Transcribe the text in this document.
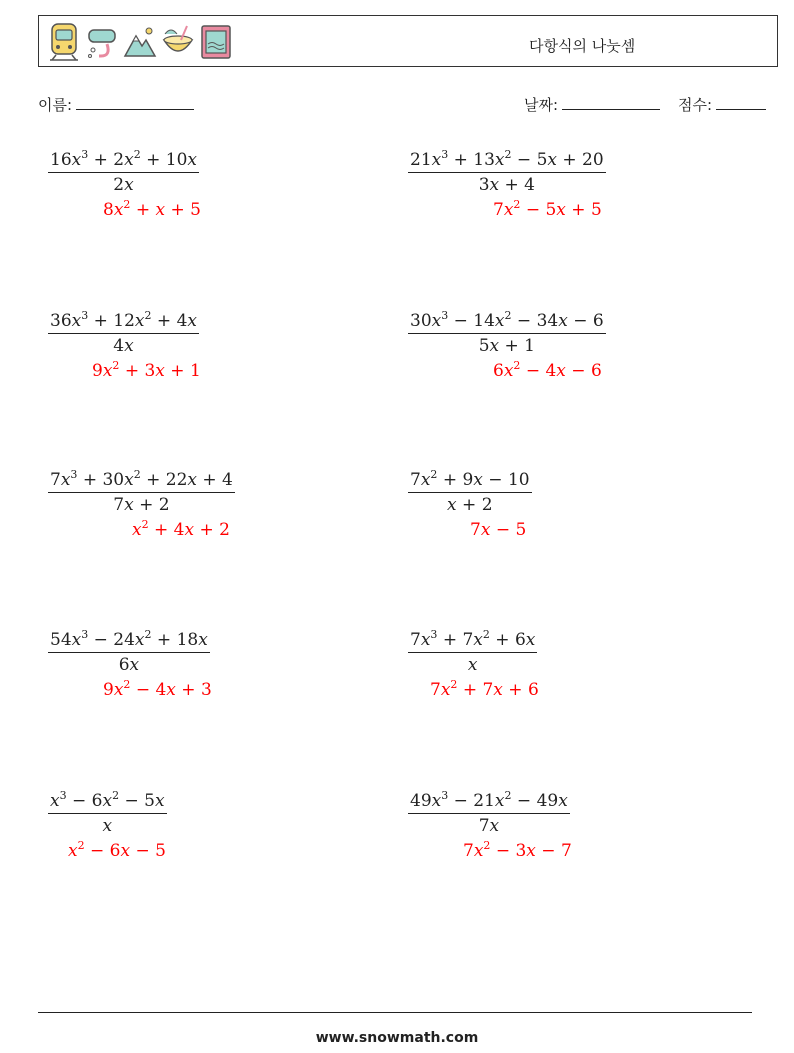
다항식의 나눗셈
이름:	날짜:	점수:
$\frac{16x^3 + 2x^2 + 10x}{2x}$
$8x^2 + x + 5$
$\frac{21x^3 + 13x^2 - 5x + 20}{3x + 4}$
$7x^2 - 5x + 5$
$\frac{36x^3 + 12x^2 + 4x}{4x}$
$9x^2 + 3x + 1$
$\frac{30x^3 - 14x^2 - 34x - 6}{5x + 1}$
$6x^2 - 4x - 6$
$\frac{7x^3 + 30x^2 + 22x + 4}{7x + 2}$
$x^2 + 4x + 2$
$\frac{7x^2 + 9x - 10}{x + 2}$
7x − 5
$\frac{54x^3 - 24x^2 + 18x}{6x}$
$9x^2 - 4x + 3$
$\frac{7x^3 + 7x^2 + 6x}{x}$
$7x^2 + 7x + 6$
$\frac{x^3 - 6x^2 - 5x}{x}$
$x^2 - 6x - 5$
$\frac{49x^3 - 21x^2 - 49x}{7x}$
$7x^2 - 3x - 7$
www.snowmath.com
